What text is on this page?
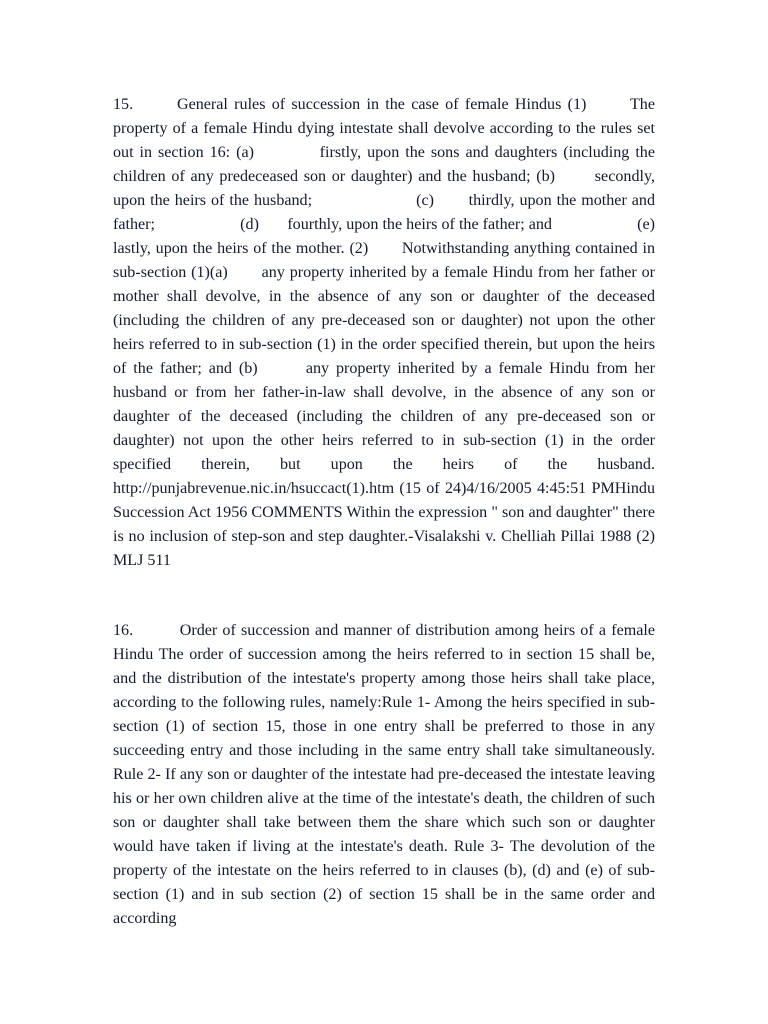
15.       General rules of succession in the case of female Hindus (1)       The property of a female Hindu dying intestate shall devolve according to the rules set out in section 16: (a)           firstly, upon the sons and daughters (including the children of any predeceased son or daughter) and the husband; (b)       secondly, upon the heirs of the husband;                     (c)       thirdly, upon the mother and father;                     (d)       fourthly, upon the heirs of the father; and                     (e)       lastly, upon the heirs of the mother. (2)       Notwithstanding anything contained in sub-section (1)(a)       any property inherited by a female Hindu from her father or mother shall devolve, in the absence of any son or daughter of the deceased (including the children of any pre-deceased son or daughter) not upon the other heirs referred to in sub-section (1) in the order specified therein, but upon the heirs of the father; and (b)       any property inherited by a female Hindu from her husband or from her father-in-law shall devolve, in the absence of any son or daughter of the deceased (including the children of any pre-deceased son or daughter) not upon the other heirs referred to in sub-section (1) in the order specified therein, but upon the heirs of the husband. http://punjabrevenue.nic.in/hsuccact(1).htm (15 of 24)4/16/2005 4:45:51 PMHindu Succession Act 1956 COMMENTS Within the expression " son and daughter" there is no inclusion of step-son and step daughter.-Visalakshi v. Chelliah Pillai 1988 (2) MLJ 511

16.         Order of succession and manner of distribution among heirs of a female Hindu The order of succession among the heirs referred to in section 15 shall be, and the distribution of the intestate's property among those heirs shall take place, according to the following rules, namely:Rule 1- Among the heirs specified in sub-section (1) of section 15, those in one entry shall be preferred to those in any succeeding entry and those including in the same entry shall take simultaneously. Rule 2- If any son or daughter of the intestate had pre-deceased the intestate leaving his or her own children alive at the time of the intestate's death, the children of such son or daughter shall take between them the share which such son or daughter would have taken if living at the intestate's death. Rule 3- The devolution of the property of the intestate on the heirs referred to in clauses (b), (d) and (e) of sub-section (1) and in sub section (2) of section 15 shall be in the same order and according
